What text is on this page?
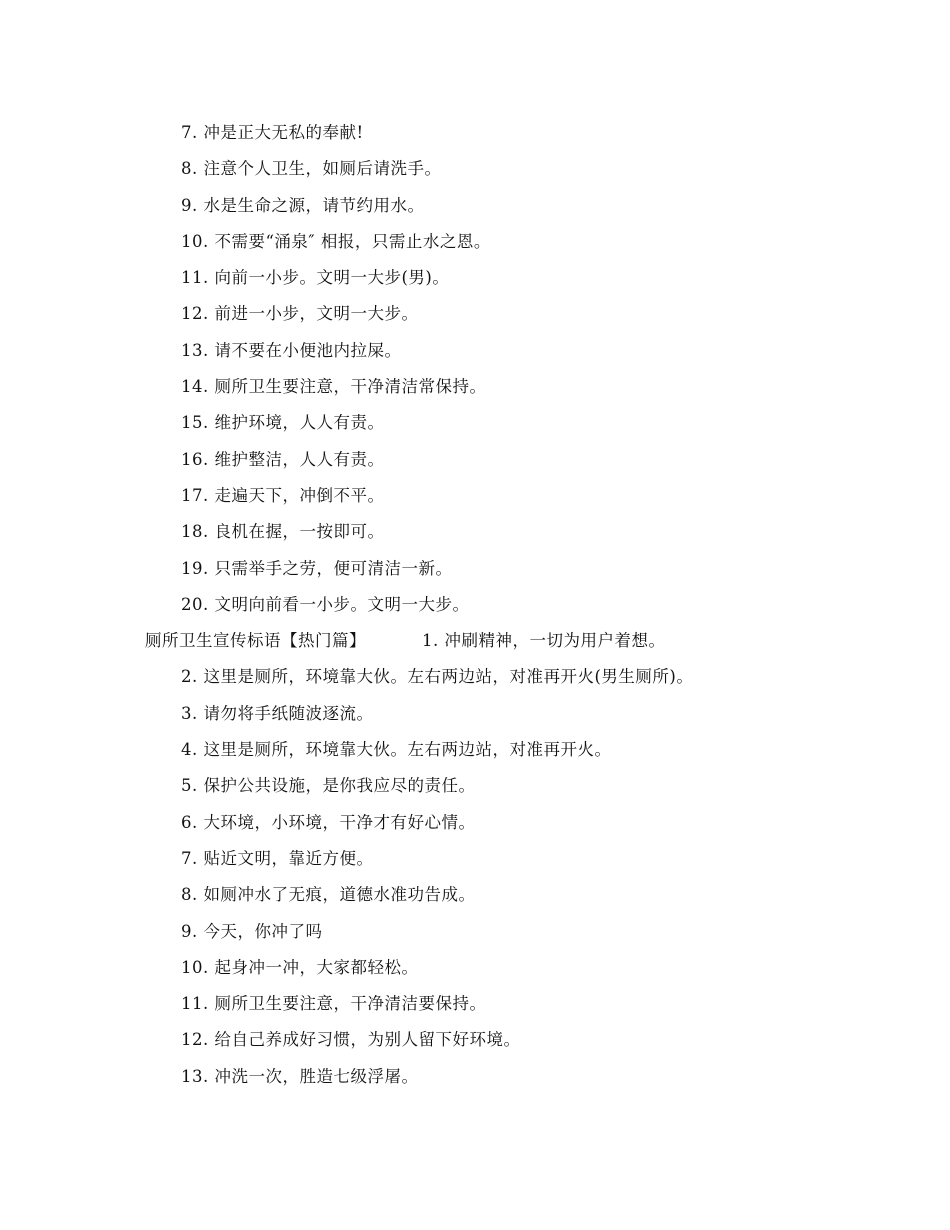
7. 冲是正大无私的奉献!
8. 注意个人卫生，如厕后请洗手。
9. 水是生命之源，请节约用水。
10. 不需要“涌泉″ 相报，只需止水之恩。
11. 向前一小步。文明一大步(男)。
12. 前进一小步，文明一大步。
13. 请不要在小便池内拉屎。
14. 厕所卫生要注意，干净清洁常保持。
15. 维护环境，人人有责。
16. 维护整洁，人人有责。
17. 走遍天下，冲倒不平。
18. 良机在握，一按即可。
19. 只需举手之劳，便可清洁一新。
20. 文明向前看一小步。文明一大步。
厕所卫生宣传标语【热门篇】	1. 冲刷精神，一切为用户着想。
2. 这里是厕所，环境靠大伙。左右两边站，对准再开火(男生厕所)。
3. 请勿将手纸随波逐流。
4. 这里是厕所，环境靠大伙。左右两边站，对准再开火。
5. 保护公共设施，是你我应尽的责任。
6. 大环境，小环境，干净才有好心情。
7. 贴近文明，靠近方便。
8. 如厕冲水了无痕，道德水准功告成。
9. 今天，你冲了吗
10. 起身冲一冲，大家都轻松。
11. 厕所卫生要注意，干净清洁要保持。
12. 给自己养成好习惯，为别人留下好环境。
13. 冲洗一次，胜造七级浮屠。
